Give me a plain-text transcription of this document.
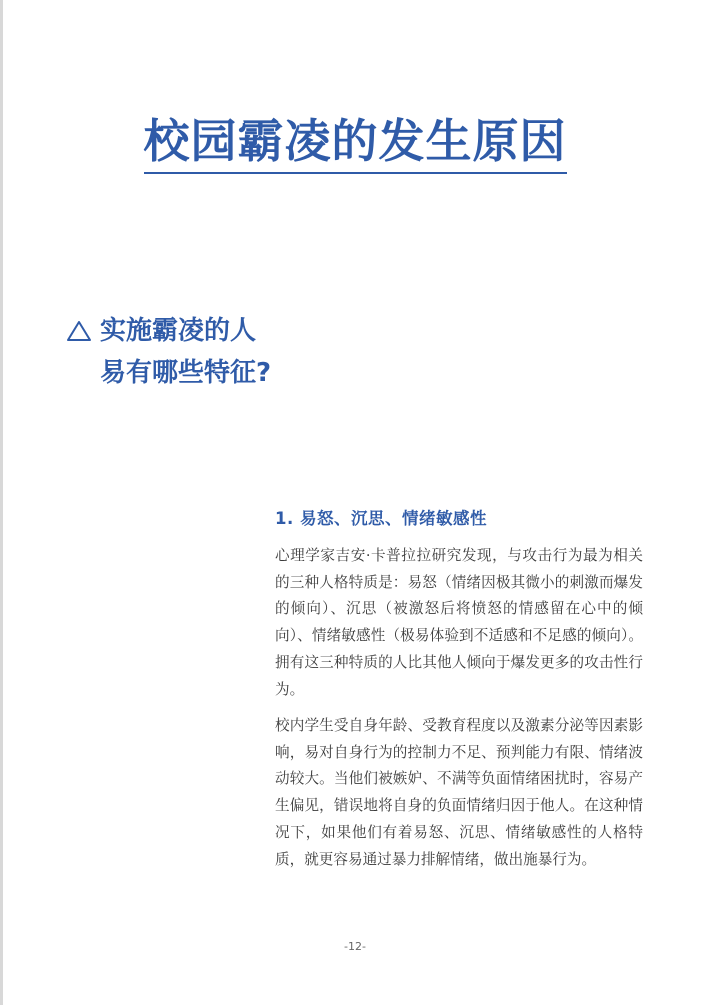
校园霸凌的发生原因
实施霸凌的人
易有哪些特征?
1. 易怒、沉思、情绪敏感性

心理学家吉安·卡普拉拉研究发现，与攻击行为最为相关的三种人格特质是：易怒（情绪因极其微小的刺激而爆发的倾向）、沉思（被激怒后将愤怒的情感留在心中的倾向）、情绪敏感性（极易体验到不适感和不足感的倾向）。拥有这三种特质的人比其他人倾向于爆发更多的攻击性行为。

校内学生受自身年龄、受教育程度以及激素分泌等因素影响，易对自身行为的控制力不足、预判能力有限、情绪波动较大。当他们被嫉妒、不满等负面情绪困扰时，容易产生偏见，错误地将自身的负面情绪归因于他人。在这种情况下，如果他们有着易怒、沉思、情绪敏感性的人格特质，就更容易通过暴力排解情绪，做出施暴行为。

-12-
